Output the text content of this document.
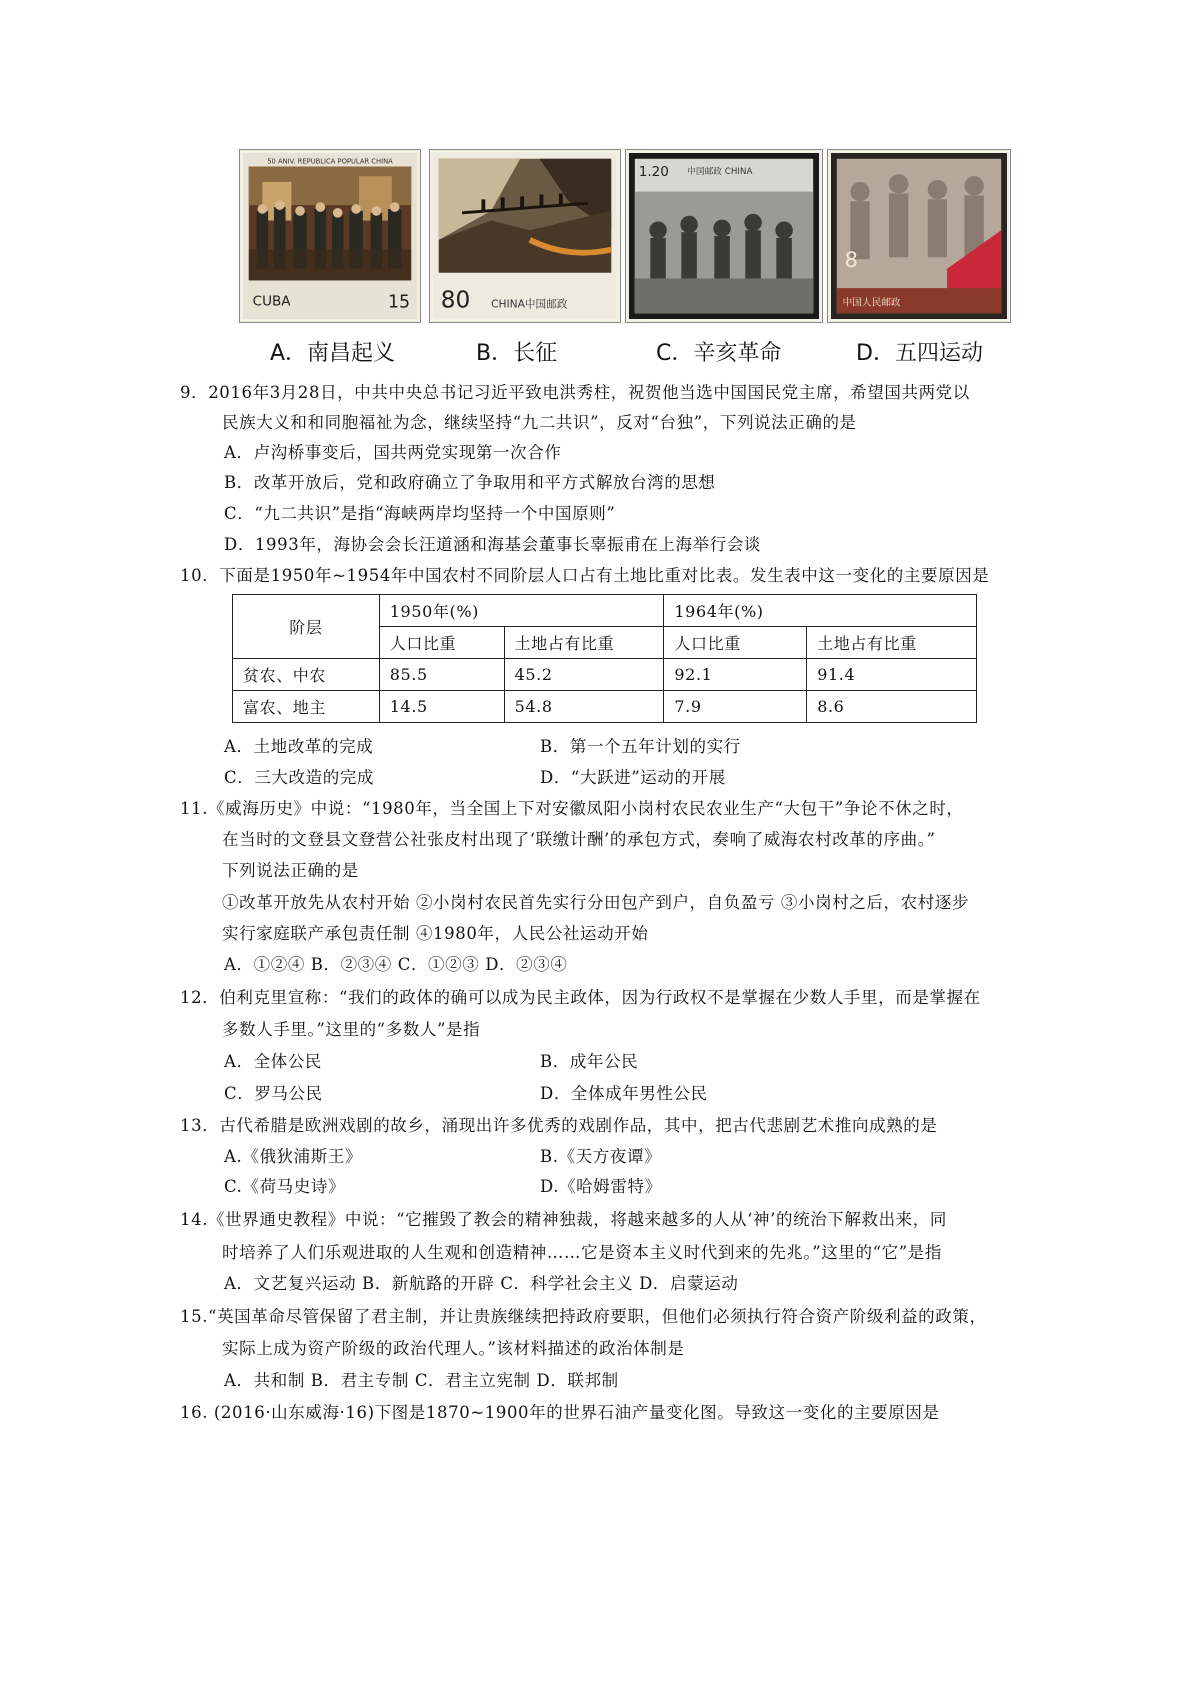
50 ANIV. REPUBLICA POPULAR CHINA
CUBA	15 80 CHINA中国邮政
1.20 中国邮政 CHINA
8
中国人民邮政
A．南昌起义	B．长征	C．辛亥革命	D．五四运动
9．2016年3月28日，中共中央总书记习近平致电洪秀柱，祝贺他当选中国国民党主席，希望国共两党以
民族大义和和同胞福祉为念，继续坚持“九二共识”，反对“台独”，下列说法正确的是
A．卢沟桥事变后，国共两党实现第一次合作
B．改革开放后，党和政府确立了争取用和平方式解放台湾的思想
C．“九二共识”是指“海峡两岸均坚持一个中国原则”
D．1993年，海协会会长汪道涵和海基会董事长辜振甫在上海举行会谈
10．下面是1950年~1954年中国农村不同阶层人口占有土地比重对比表。发生表中这一变化的主要原因是
阶层	1950年(%)		1964年(%)	
	人口比重	土地占有比重	人口比重	土地占有比重
贫农、中农	85.5	45.2	92.1	91.4
富农、地主	14.5	54.8	7.9	8.6
A．土地改革的完成	B．第一个五年计划的实行
C．三大改造的完成	D．“大跃进”运动的开展
11.《威海历史》中说：“1980年，当全国上下对安徽凤阳小岗村农民农业生产“大包干”争论不休之时，
在当时的文登县文登营公社张皮村出现了‘联缴计酬’的承包方式，奏响了威海农村改革的序曲。”
下列说法正确的是
①改革开放先从农村开始 ②小岗村农民首先实行分田包产到户，自负盈亏 ③小岗村之后，农村逐步
实行家庭联产承包责任制 ④1980年，人民公社运动开始
A．①②④ B．②③④ C．①②③ D．②③④
12．伯利克里宣称：“我们的政体的确可以成为民主政体，因为行政权不是掌握在少数人手里，而是掌握在
多数人手里。”这里的“多数人”是指
A．全体公民	B．成年公民
C．罗马公民	D．全体成年男性公民
13．古代希腊是欧洲戏剧的故乡，涌现出许多优秀的戏剧作品，其中，把古代悲剧艺术推向成熟的是
A.《俄狄浦斯王》	B.《天方夜谭》
C.《荷马史诗》	D.《哈姆雷特》
14.《世界通史教程》中说：“它摧毁了教会的精神独裁，将越来越多的人从‘神’的统治下解救出来，同
时培养了人们乐观进取的人生观和创造精神……它是资本主义时代到来的先兆。”这里的“它”是指
A．文艺复兴运动 B．新航路的开辟 C．科学社会主义 D．启蒙运动
15.“英国革命尽管保留了君主制，并让贵族继续把持政府要职，但他们必须执行符合资产阶级利益的政策，
实际上成为资产阶级的政治代理人。”该材料描述的政治体制是
A．共和制 B．君主专制 C．君主立宪制 D．联邦制
16. (2016·山东威海·16)下图是1870~1900年的世界石油产量变化图。导致这一变化的主要原因是
